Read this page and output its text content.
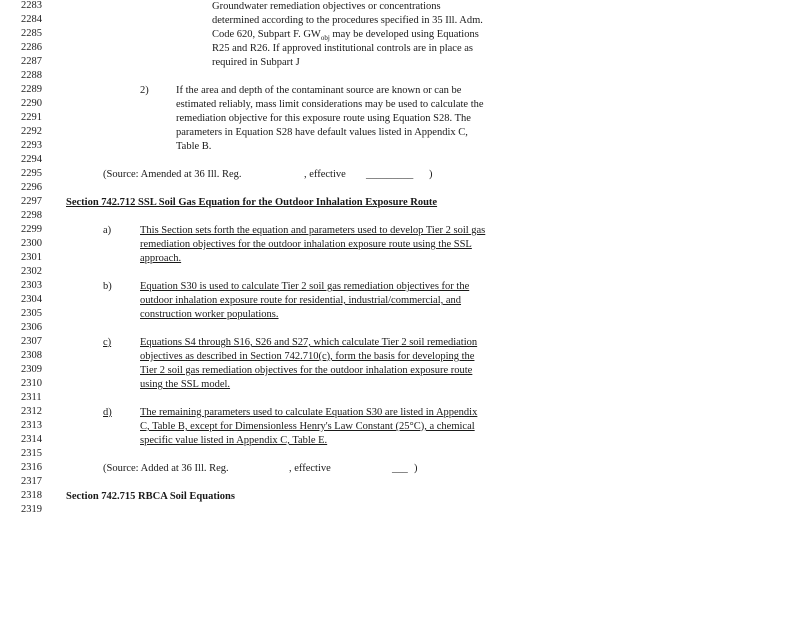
2283
2284
2285
2286
2287
2288
2289
2290
2291
2292
2293
2294
2295
2296
2297
2298
2299
2300
2301
2302
2303
2304
2305
2306
2307
2308
2309
2310
2311
2312
2313
2314
2315
2316
2317
2318
2319
Groundwater remediation objectives or concentrations
determined according to the procedures specified in 35 Ill. Adm.
Code 620, Subpart F. $GW_{obj}$ may be developed using Equations
R25 and R26. If approved institutional controls are in place as
required in Subpart J
2)	If the area and depth of the contaminant source are known or can be
estimated reliably, mass limit considerations may be used to calculate the
remediation objective for this exposure route using Equation S28. The
parameters in Equation S28 have default values listed in Appendix C,
Table B.
(Source: Amended at 36 Ill. Reg.	, effective _________ )
Section 742.712 SSL Soil Gas Equation for the Outdoor Inhalation Exposure Route
a)	This Section sets forth the equation and parameters used to develop Tier 2 soil gas
remediation objectives for the outdoor inhalation exposure route using the SSL
approach.
b)	Equation S30 is used to calculate Tier 2 soil gas remediation objectives for the
outdoor inhalation exposure route for residential, industrial/commercial, and
construction worker populations.
c)	Equations S4 through S16, S26 and S27, which calculate Tier 2 soil remediation
objectives as described in Section 742.710(c), form the basis for developing the
Tier 2 soil gas remediation objectives for the outdoor inhalation exposure route
using the SSL model.
d)	The remaining parameters used to calculate Equation S30 are listed in Appendix
C, Table B, except for Dimensionless Henry's Law Constant (25°C), a chemical
specific value listed in Appendix C, Table E.
(Source: Added at 36 Ill. Reg.	, effective	___ )
Section 742.715 RBCA Soil Equations
